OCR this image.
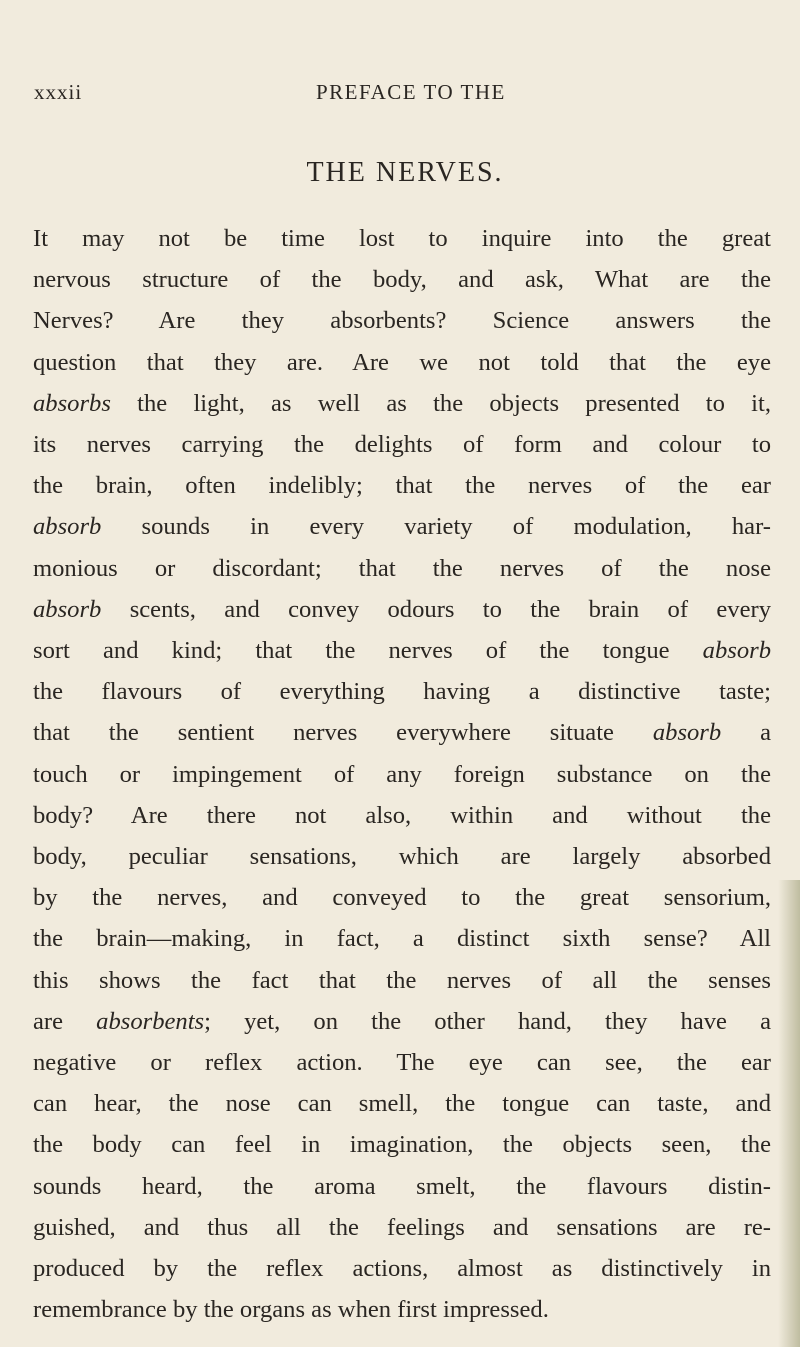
xxxii	PREFACE TO THE
THE NERVES.

It may not be time lost to inquire into the great
nervous structure of the body, and ask, What are the
Nerves? Are they absorbents? Science answers the
question that they are. Are we not told that the eye
absorbs the light, as well as the objects presented to it,
its nerves carrying the delights of form and colour to
the brain, often indelibly; that the nerves of the ear
absorb sounds in every variety of modulation, har-
monious or discordant; that the nerves of the nose
absorb scents, and convey odours to the brain of every
sort and kind; that the nerves of the tongue absorb
the flavours of everything having a distinctive taste;
that the sentient nerves everywhere situate absorb a
touch or impingement of any foreign substance on the
body? Are there not also, within and without the
body, peculiar sensations, which are largely absorbed
by the nerves, and conveyed to the great sensorium,
the brain—making, in fact, a distinct sixth sense? All
this shows the fact that the nerves of all the senses
are absorbents; yet, on the other hand, they have a
negative or reflex action. The eye can see, the ear
can hear, the nose can smell, the tongue can taste, and
the body can feel in imagination, the objects seen, the
sounds heard, the aroma smelt, the flavours distin-
guished, and thus all the feelings and sensations are re-
produced by the reflex actions, almost as distinctively in
remembrance by the organs as when first impressed.
